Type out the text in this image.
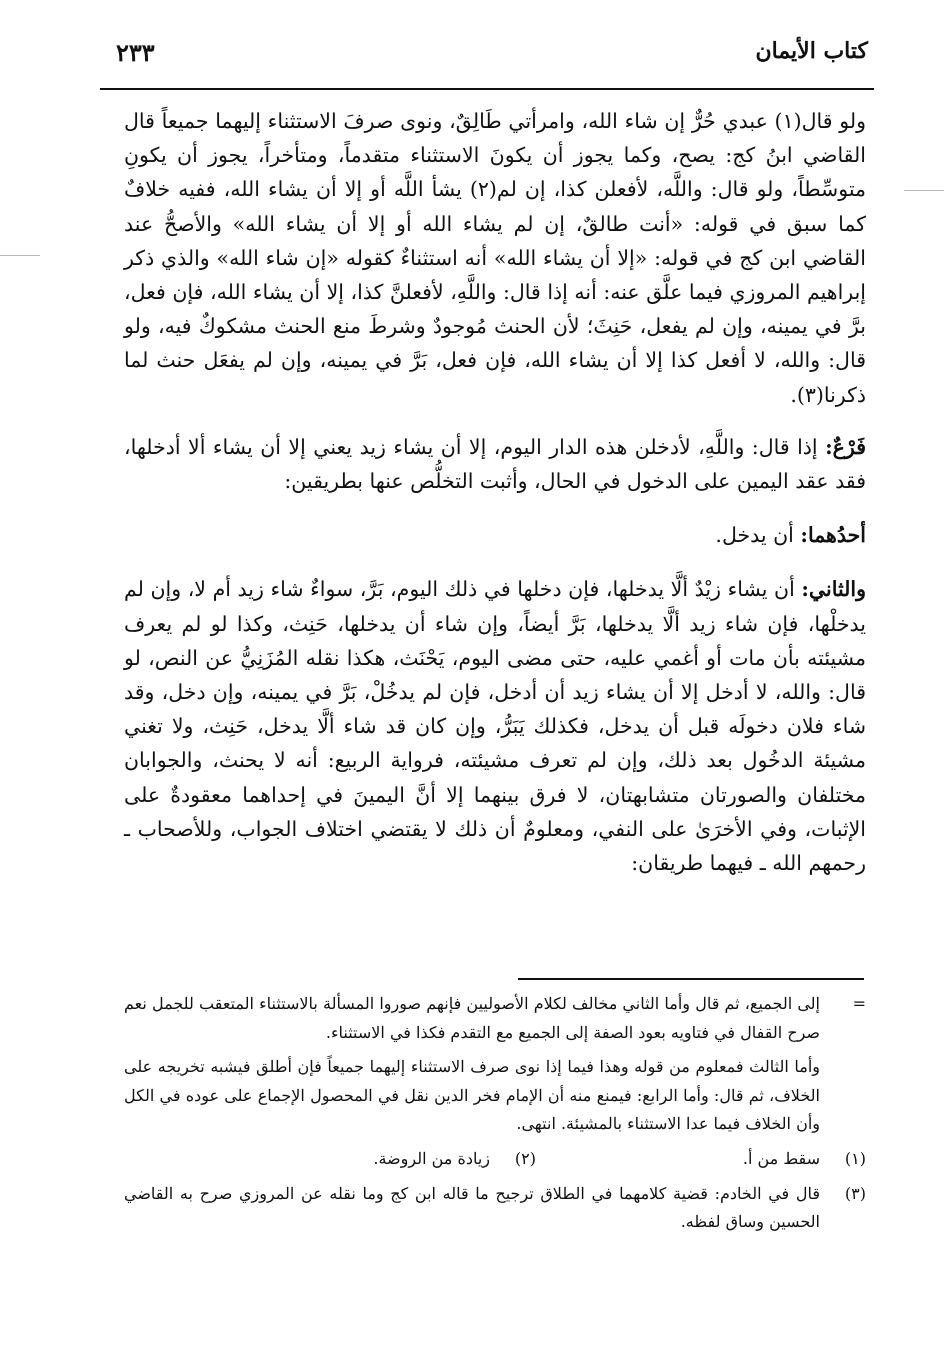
كتاب الأيمان
٢٣٣

ولو قال(١) عبدي حُرٌّ إن شاء الله، وامرأتي طَالِقٌ، ونوى صرفَ الاستثناء إليهما جميعاً قال القاضي ابنُ كج: يصح، وكما يجوز أن يكونَ الاستثناء متقدماً، ومتأخراً، يجوز أن يكونِ متوسِّطاً، ولو قال: واللَّه، لأفعلن كذا، إن لم(٢) يشأ اللَّه أو إلا أن يشاء الله، ففيه خلافٌ كما سبق في قوله: «أنت طالقٌ، إن لم يشاء الله أو إلا أن يشاء الله» والأصحُّ عند القاضي ابن كج في قوله: «إلا أن يشاء الله» أنه استثناءٌ كقوله «إن شاء الله» والذي ذكر إبراهيم المروزي فيما علَّق عنه: أنه إذا قال: واللَّهِ، لأفعلنَّ كذا، إلا أن يشاء الله، فإن فعل، برَّ في يمينه، وإن لم يفعل، حَنِثَ؛ لأن الحنث مُوجودٌ وشرطَ منع الحنث مشكوكٌ فيه، ولو قال: والله، لا أفعل كذا إلا أن يشاء الله، فإن فعل، بَرَّ في يمينه، وإن لم يفعَل حنث لما ذكرنا(٣).

فَرْعٌ: إذا قال: واللَّهِ، لأدخلن هذه الدار اليوم، إلا أن يشاء زيد يعني إلا أن يشاء ألا أدخلها، فقد عقد اليمين على الدخول في الحال، وأثبت التخلُّص عنها بطريقين:

أحدُهما: أن يدخل.

والثاني: أن يشاء زيْدٌ ألَّا يدخلها، فإن دخلها في ذلك اليوم، بَرَّ، سواءٌ شاء زيد أم لا، وإن لم يدخلْها، فإن شاء زيد ألَّا يدخلها، بَرَّ أيضاً، وإن شاء أن يدخلها، حَنِث، وكذا لو لم يعرف مشيئته بأن مات أو أغمي عليه، حتى مضى اليوم، يَحْنَث، هكذا نقله المُزَنِيُّ عن النص، لو قال: والله، لا أدخل إلا أن يشاء زيد أن أدخل، فإن لم يدخُلْ، بَرَّ في يمينه، وإن دخل، وقد شاء فلان دخولَه قبل أن يدخل، فكذلك يَبَرُّ، وإن كان قد شاء ألَّا يدخل، حَنِث، ولا تغني مشيئة الدخُول بعد ذلك، وإن لم تعرف مشيئته، فرواية الربيع: أنه لا يحنث، والجوابان مختلفان والصورتان متشابهتان، لا فرق بينهما إلا أنَّ اليمينَ في إحداهما معقودةٌ على الإثبات، وفي الأخرَىٰ على النفي، ومعلومٌ أن ذلك لا يقتضي اختلاف الجواب، وللأصحاب ـ رحمهم الله ـ فيهما طريقان:

=
إلى الجميع، ثم قال وأما الثاني مخالف لكلام الأصوليين فإنهم صوروا المسألة بالاستثناء المتعقب للجمل نعم صرح القفال في فتاويه بعود الصفة إلى الجميع مع التقدم فكذا في الاستثناء.
وأما الثالث فمعلوم من قوله وهذا فيما إذا نوى صرف الاستثناء إليهما جميعاً فإن أطلق فيشبه تخريجه على الخلاف، ثم قال: وأما الرابع: فيمنع منه أن الإمام فخر الدين نقل في المحصول الإجماع على عوده في الكل وأن الخلاف فيما عدا الاستثناء بالمشيئة. انتهى.
(١)
سقط من أ.
(٢)
زيادة من الروضة.
(٣)
قال في الخادم: قضية كلامهما في الطلاق ترجيح ما قاله ابن كج وما نقله عن المروزي صرح به القاضي الحسين وساق لفظه.
